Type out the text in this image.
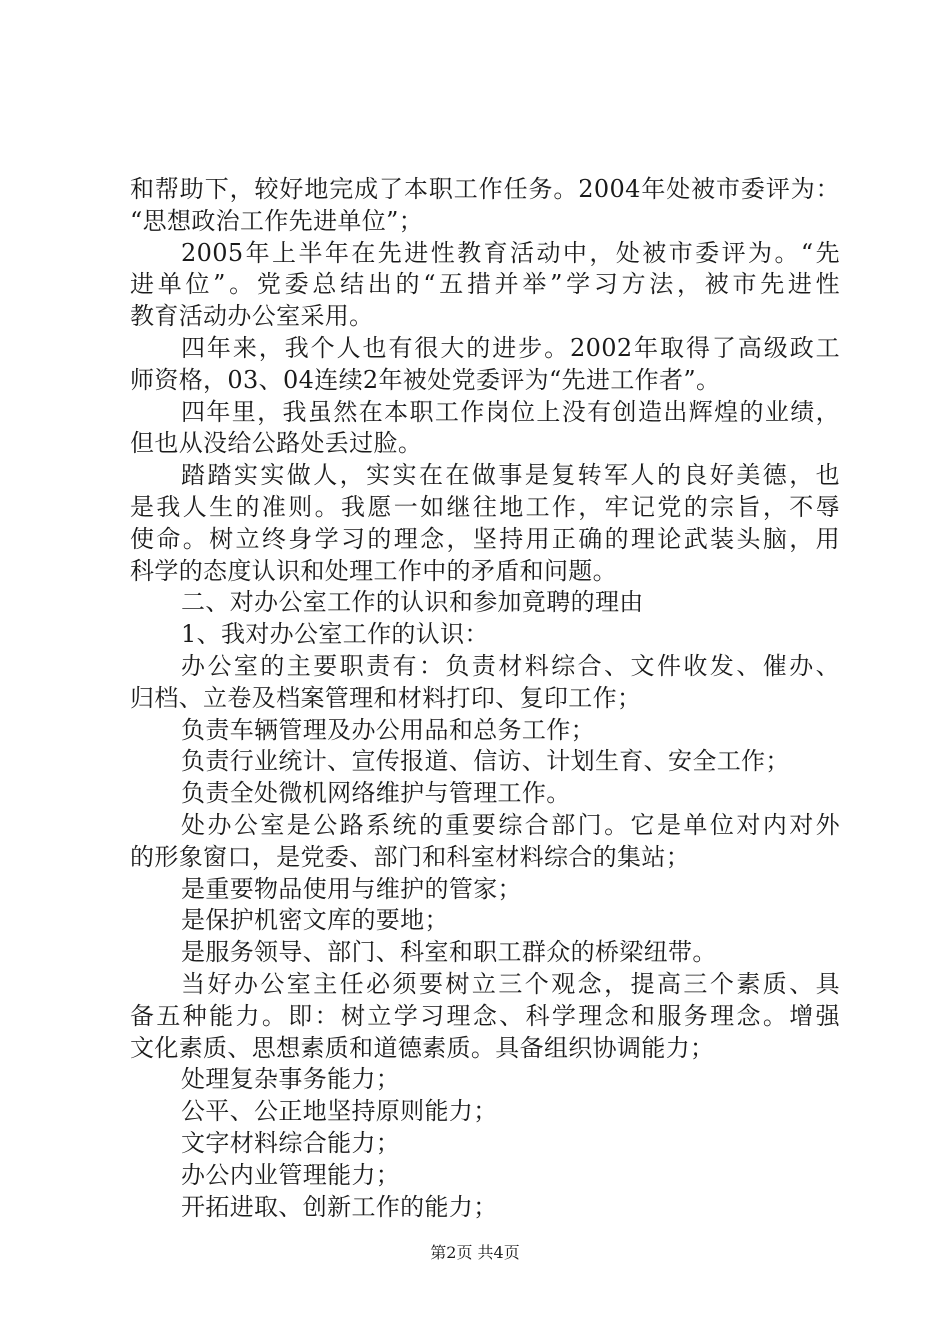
和帮助下，较好地完成了本职工作任务。2004年处被市委评为：
“思想政治工作先进单位”；
2005年上半年在先进性教育活动中，处被市委评为。“先
进单位”。党委总结出的“五措并举”学习方法，被市先进性
教育活动办公室采用。
四年来，我个人也有很大的进步。2002年取得了高级政工
师资格，03、04连续2年被处党委评为“先进工作者”。
四年里，我虽然在本职工作岗位上没有创造出辉煌的业绩，
但也从没给公路处丢过脸。
踏踏实实做人，实实在在做事是复转军人的良好美德，也
是我人生的准则。我愿一如继往地工作，牢记党的宗旨，不辱
使命。树立终身学习的理念，坚持用正确的理论武装头脑，用
科学的态度认识和处理工作中的矛盾和问题。
二、对办公室工作的认识和参加竟聘的理由
1、我对办公室工作的认识：
办公室的主要职责有：负责材料综合、文件收发、催办、
归档、立卷及档案管理和材料打印、复印工作；
负责车辆管理及办公用品和总务工作；
负责行业统计、宣传报道、信访、计划生育、安全工作；
负责全处微机网络维护与管理工作。
处办公室是公路系统的重要综合部门。它是单位对内对外
的形象窗口，是党委、部门和科室材料综合的集站；
是重要物品使用与维护的管家；
是保护机密文库的要地；
是服务领导、部门、科室和职工群众的桥梁纽带。
当好办公室主任必须要树立三个观念，提高三个素质、具
备五种能力。即：树立学习理念、科学理念和服务理念。增强
文化素质、思想素质和道德素质。具备组织协调能力；
处理复杂事务能力；
公平、公正地坚持原则能力；
文字材料综合能力；
办公内业管理能力；
开拓进取、创新工作的能力；
第2页 共4页
